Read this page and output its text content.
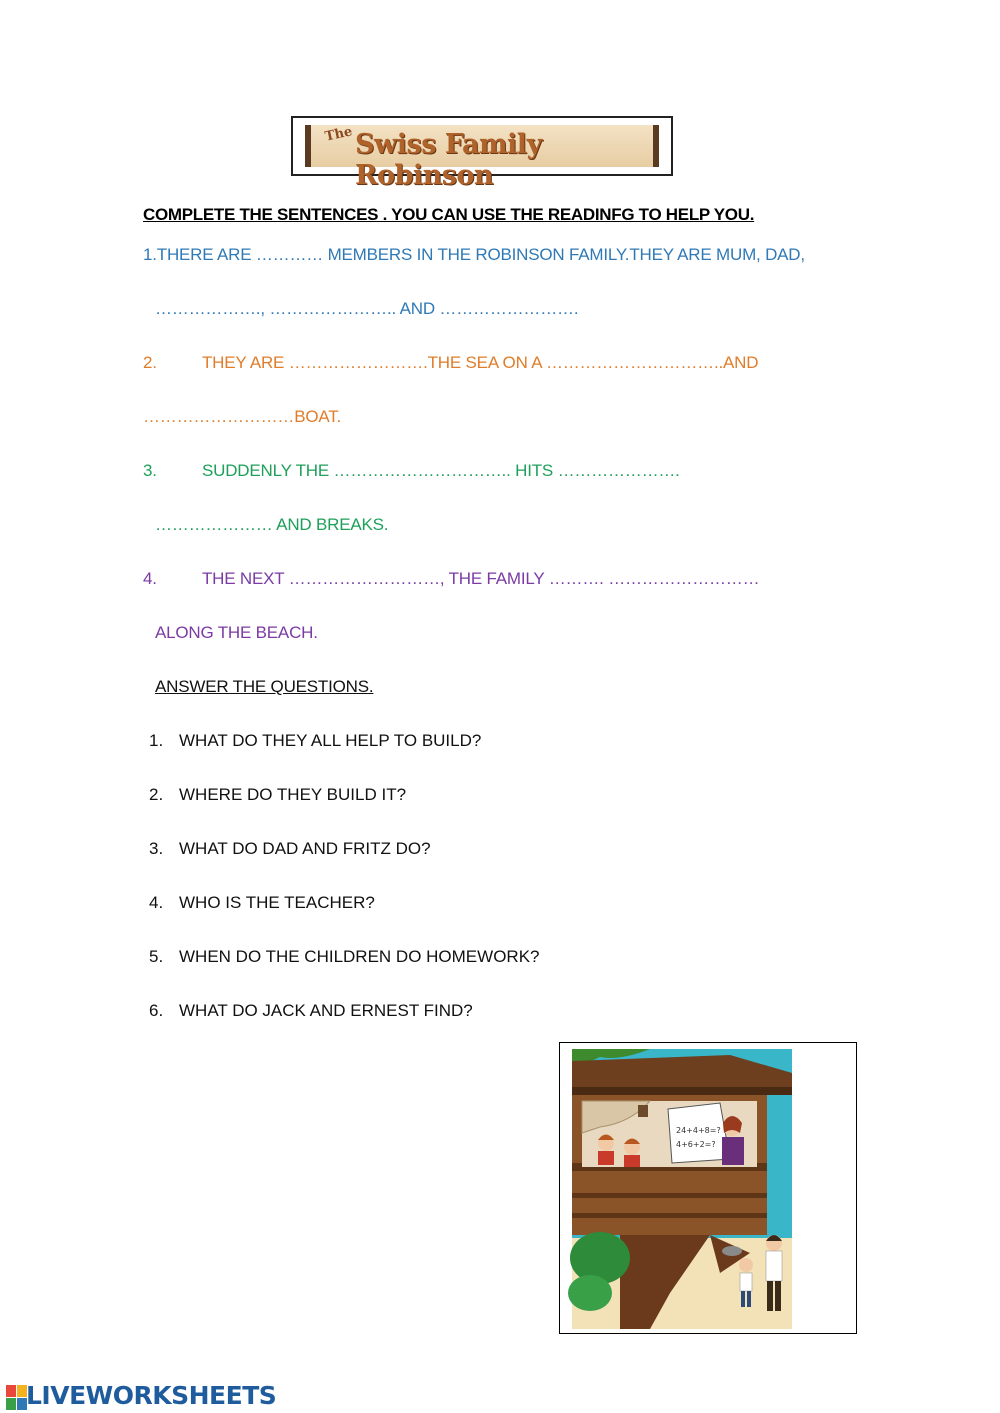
The Swiss Family Robinson
COMPLETE THE SENTENCES . YOU CAN USE THE READINFG TO HELP YOU.
1.THERE ARE ………… MEMBERS IN THE ROBINSON FAMILY.THEY ARE MUM, DAD,
………………., ………………….. AND …………………….
2.	THEY ARE …………………….THE SEA ON A …………………………..AND
………………………BOAT.
3.	SUDDENLY THE ………………………….. HITS ………………….
………………… AND BREAKS.
4.	THE NEXT ………………………, THE FAMILY ………. ………………………
ALONG THE BEACH.
ANSWER THE QUESTIONS.
1. WHAT DO THEY ALL HELP TO BUILD?
2. WHERE DO THEY BUILD IT?
3. WHAT DO DAD AND FRITZ DO?
4. WHO IS THE TEACHER?
5. WHEN DO THE CHILDREN DO HOMEWORK?
6. WHAT DO JACK AND ERNEST FIND?
24+4+8=?
4+6+2=?
LIVEWORKSHEETS
